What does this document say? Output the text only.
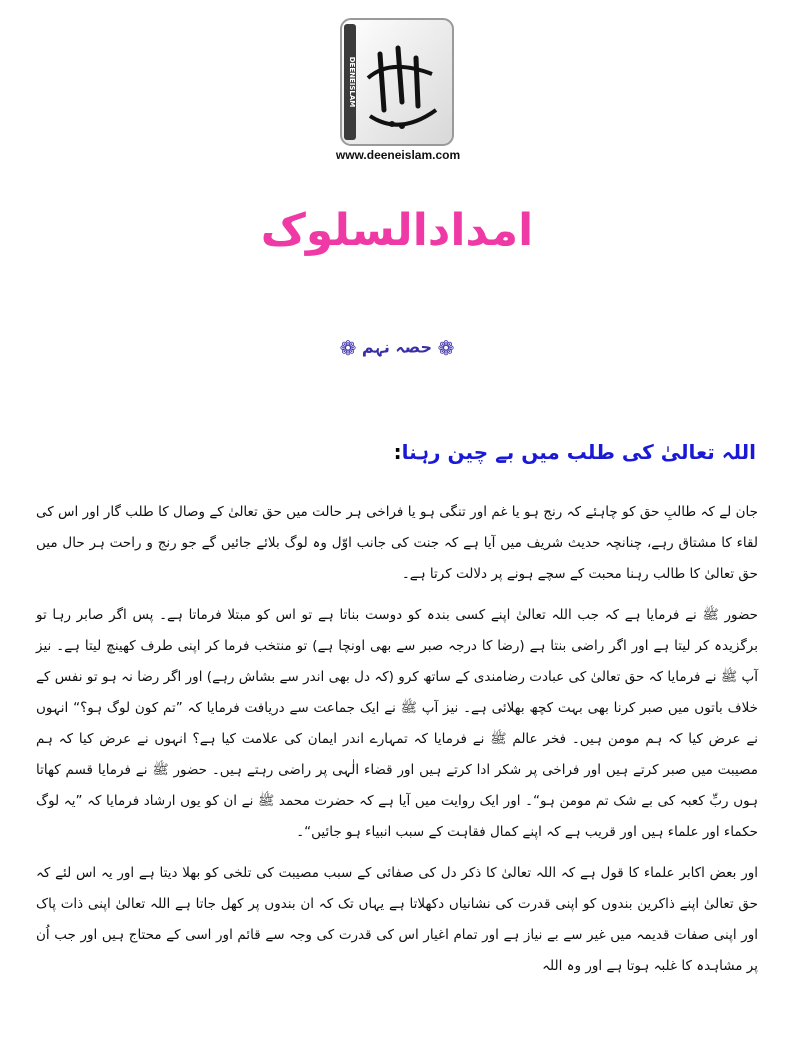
DEENEISLAM
www.deeneislam.com
امدادالسلوک
❁ حصہ نہم ❁
اللہ تعالیٰ کی طلب میں بے چین رہنا:

جان لے کہ طالبِ حق کو چاہئے کہ رنج ہو یا غم اور تنگی ہو یا فراخی ہر حالت میں حق تعالیٰ کے وصال کا طلب گار اور اس کی لقاء کا مشتاق رہے، چنانچہ حدیث شریف میں آیا ہے کہ جنت کی جانب اوّل وہ لوگ بلائے جائیں گے جو رنج و راحت ہر حال میں حق تعالیٰ کا طالب رہنا محبت کے سچے ہونے پر دلالت کرتا ہے۔

حضور ﷺ نے فرمایا ہے کہ جب اللہ تعالیٰ اپنے کسی بندہ کو دوست بناتا ہے تو اس کو مبتلا فرماتا ہے۔ پس اگر صابر رہا تو برگزیدہ کر لیتا ہے اور اگر راضی بنتا ہے (رضا کا درجہ صبر سے بھی اونچا ہے) تو منتخب فرما کر اپنی طرف کھینچ لیتا ہے۔ نیز آپ ﷺ نے فرمایا کہ حق تعالیٰ کی عبادت رضامندی کے ساتھ کرو (کہ دل بھی اندر سے بشاش رہے) اور اگر رضا نہ ہو تو نفس کے خلاف باتوں میں صبر کرنا بھی بہت کچھ بھلائی ہے۔ نیز آپ ﷺ نے ایک جماعت سے دریافت فرمایا کہ ”تم کون لوگ ہو؟“ انہوں نے عرض کیا کہ ہم مومن ہیں۔ فخر عالم ﷺ نے فرمایا کہ تمہارے اندر ایمان کی علامت کیا ہے؟ انہوں نے عرض کیا کہ ہم مصیبت میں صبر کرتے ہیں اور فراخی پر شکر ادا کرتے ہیں اور قضاء الٰہی پر راضی رہتے ہیں۔ حضور ﷺ نے فرمایا قسم کھاتا ہوں ربِّ کعبہ کی بے شک تم مومن ہو“۔ اور ایک روایت میں آیا ہے کہ حضرت محمد ﷺ نے ان کو یوں ارشاد فرمایا کہ ”یہ لوگ حکماء اور علماء ہیں اور قریب ہے کہ اپنے کمال فقاہت کے سبب انبیاء ہو جائیں“۔

اور بعض اکابر علماء کا قول ہے کہ اللہ تعالیٰ کا ذکر دل کی صفائی کے سبب مصیبت کی تلخی کو بھلا دیتا ہے اور یہ اس لئے کہ حق تعالیٰ اپنے ذاکرین بندوں کو اپنی قدرت کی نشانیاں دکھلاتا ہے یہاں تک کہ ان بندوں پر کھل جاتا ہے اللہ تعالیٰ اپنی ذات پاک اور اپنی صفات قدیمہ میں غیر سے بے نیاز ہے اور تمام اغیار اس کی قدرت کی وجہ سے قائم اور اسی کے محتاج ہیں اور جب اُن پر مشاہدہ کا غلبہ ہوتا ہے اور وہ اللہ
